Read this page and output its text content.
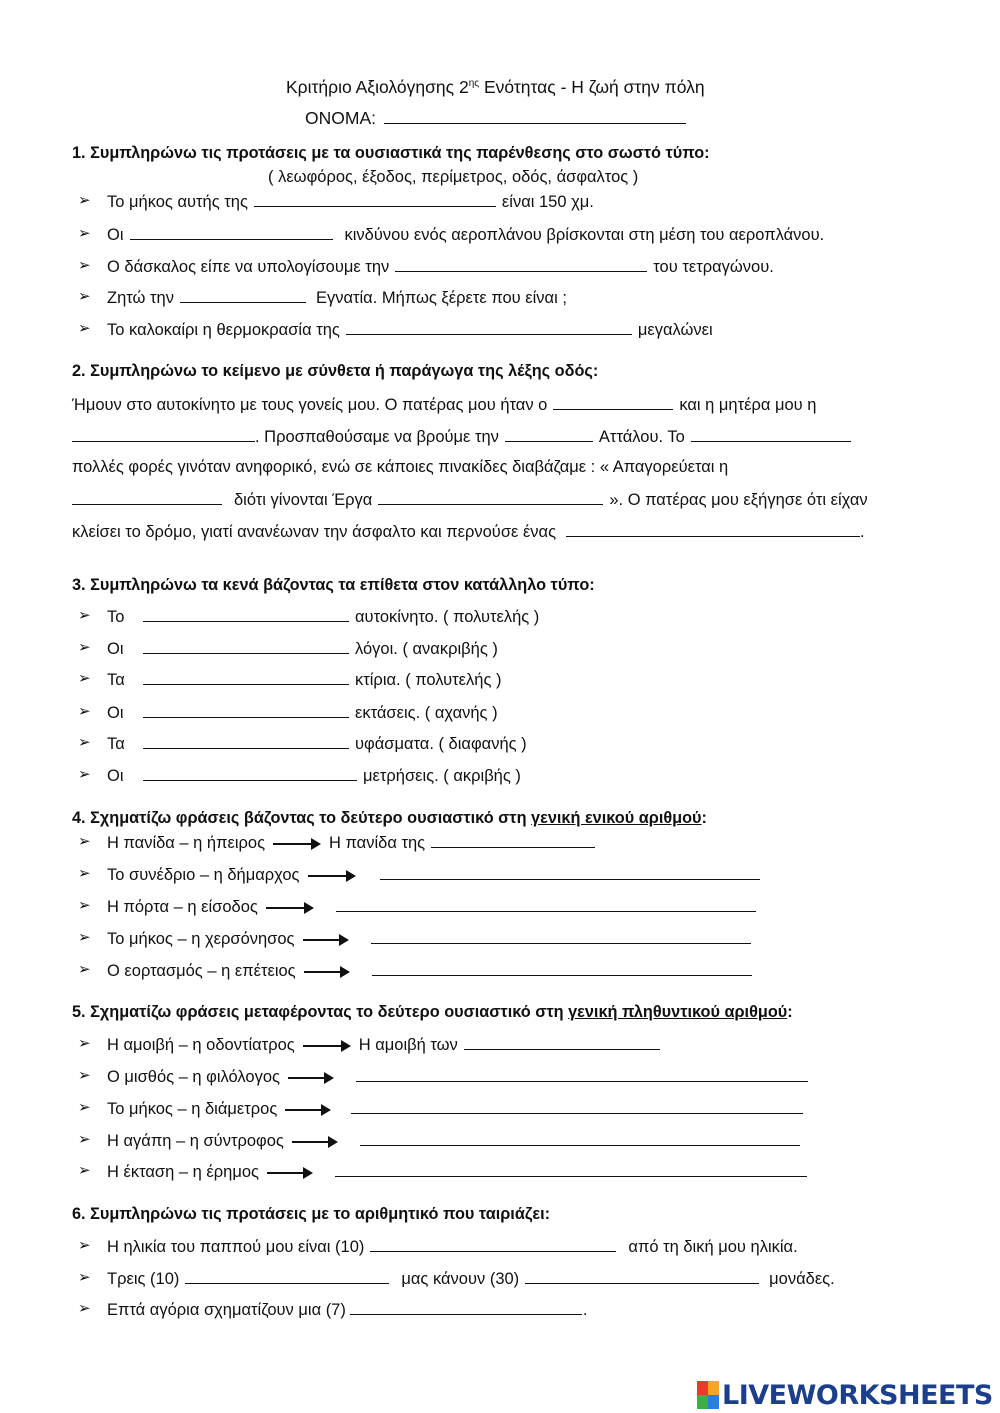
Κριτήριο Αξιολόγησης $2^{\eta\varsigma}$ Ενότητας - Η ζωή στην πόλη
ΟΝΟΜΑ:
1. Συμπληρώνω τις προτάσεις με τα ουσιαστικά της παρένθεσης στο σωστό τύπο:
( λεωφόρος, έξοδος, περίμετρος, οδός, άσφαλτος )
➢ Το μήκος αυτής της	είναι 150 χμ.
➢ Οι	κινδύνου ενός αεροπλάνου βρίσκονται στη μέση του αεροπλάνου.
➢ Ο δάσκαλος είπε να υπολογίσουμε την	του τετραγώνου.
➢ Ζητώ την	Εγνατία. Μήπως ξέρετε που είναι ;
➢ Το καλοκαίρι η θερμοκρασία της	μεγαλώνει
2. Συμπληρώνω το κείμενο με σύνθετα ή παράγωγα της λέξης οδός:
Ήμουν στο αυτοκίνητο με τους γονείς μου. Ο πατέρας μου ήταν ο	και η μητέρα μου η
. Προσπαθούσαμε να βρούμε την	Αττάλου. Το
πολλές φορές γινόταν ανηφορικό, ενώ σε κάποιες πινακίδες διαβάζαμε : « Απαγορεύεται η
διότι γίνονται Έργα	». Ο πατέρας μου εξήγησε ότι είχαν
κλείσει το δρόμο, γιατί ανανέωναν την άσφαλτο και περνούσε ένας	.
3. Συμπληρώνω τα κενά βάζοντας τα επίθετα στον κατάλληλο τύπο:
➢ Το	αυτοκίνητο. ( πολυτελής )
➢ Οι	λόγοι. ( ανακριβής )
➢ Τα	κτίρια. ( πολυτελής )
➢ Οι	εκτάσεις. ( αχανής )
➢ Τα	υφάσματα. ( διαφανής )
➢ Οι	μετρήσεις. ( ακριβής )
4. Σχηματίζω φράσεις βάζοντας το δεύτερο ουσιαστικό στη γενική ενικού αριθμού:
➢ Η πανίδα – η ήπειρος	Η πανίδα της
➢ Το συνέδριο – η δήμαρχος
➢ Η πόρτα – η είσοδος
➢ Το μήκος – η χερσόνησος
➢ Ο εορτασμός – η επέτειος
5. Σχηματίζω φράσεις μεταφέροντας το δεύτερο ουσιαστικό στη γενική πληθυντικού αριθμού:
➢ Η αμοιβή – η οδοντίατρος	Η αμοιβή των
➢ Ο μισθός – η φιλόλογος
➢ Το μήκος – η διάμετρος
➢ Η αγάπη – η σύντροφος
➢ Η έκταση – η έρημος
6. Συμπληρώνω τις προτάσεις με το αριθμητικό που ταιριάζει:
➢ Η ηλικία του παππού μου είναι (10)	από τη δική μου ηλικία.
➢ Τρεις (10)	μας κάνουν (30)	μονάδες.
➢ Επτά αγόρια σχηματίζουν μια (7)	.
LIVEWORKSHEETS
